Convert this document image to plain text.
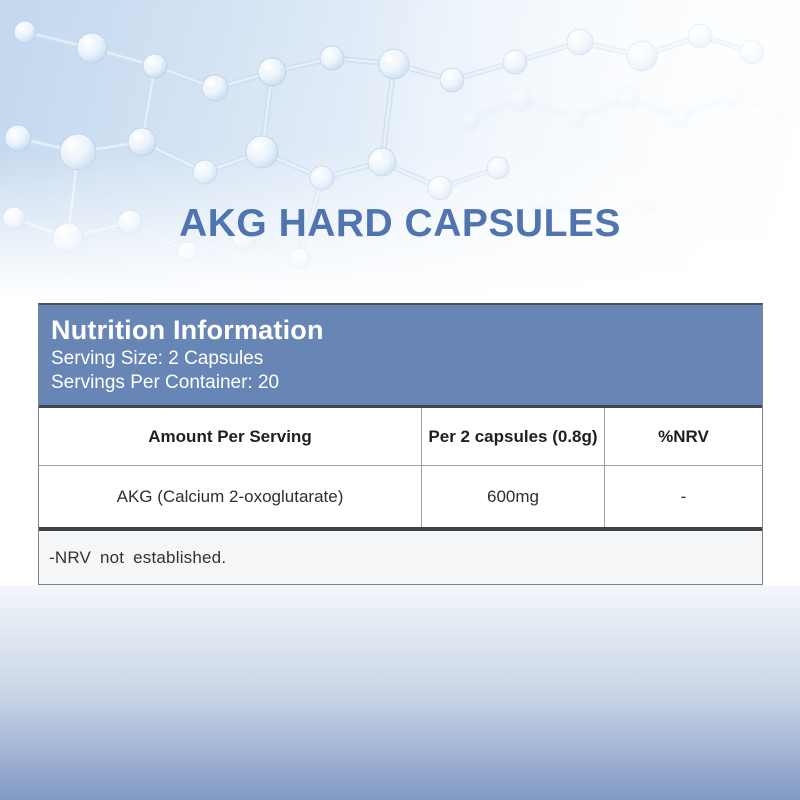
AKG HARD CAPSULES
Nutrition Information
Serving Size: 2 Capsules
Servings Per Container: 20
Amount Per Serving	Per 2 capsules (0.8g)	%NRV
AKG (Calcium 2-oxoglutarate)	600mg	-
-NRV not established.
